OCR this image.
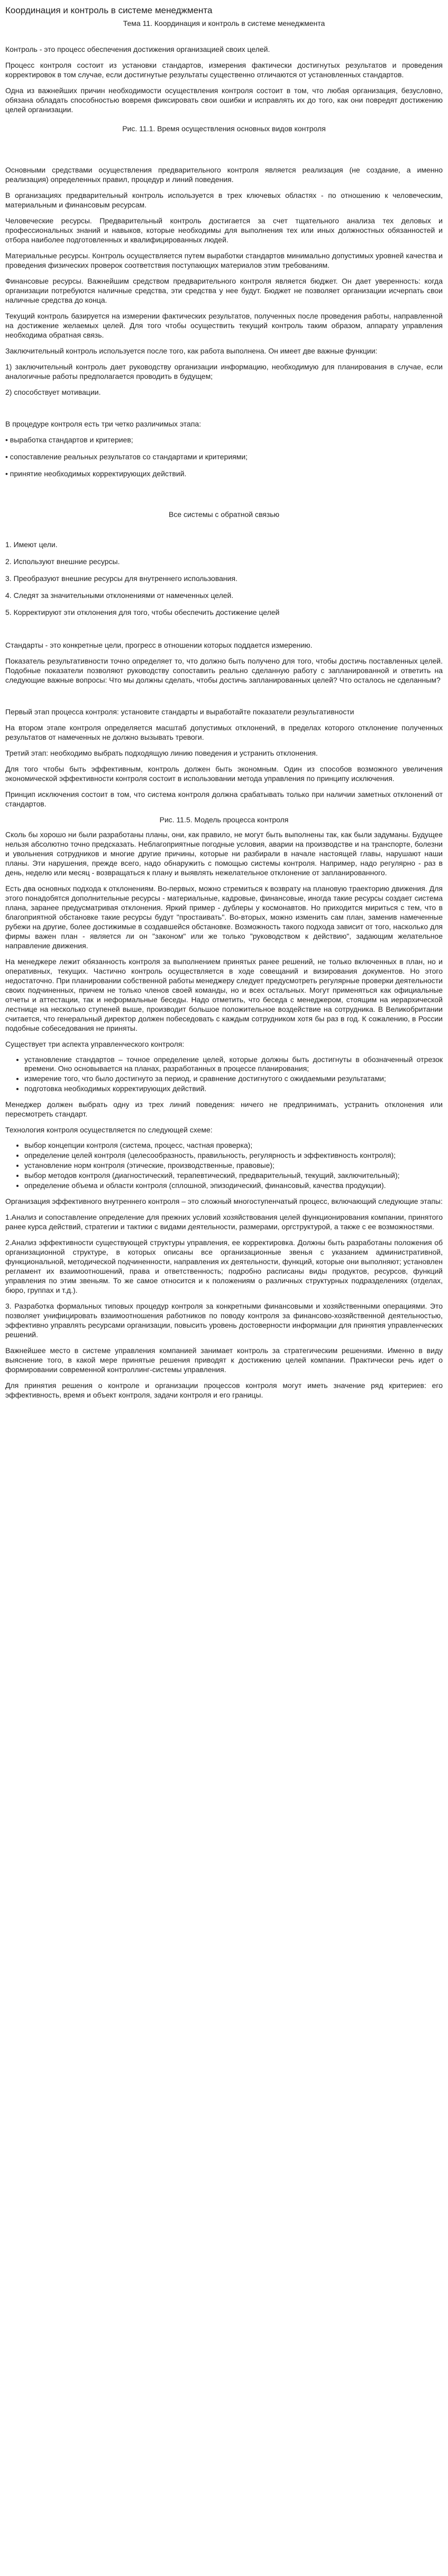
Координация и контроль в системе менеджмента
Тема 11. Координация и контроль в системе менеджмента

Контроль - это процесс обеспечения достижения организацией своих целей.

Процесс контроля состоит из установки стандартов, измерения фактически достигнутых результатов и проведения корректировок в том случае, если достигнутые результаты существенно отличаются от установленных стандартов.

Одна из важнейших причин необходимости осуществления контроля состоит в том, что любая организация, безусловно, обязана обладать способностью вовремя фиксировать свои ошибки и исправлять их до того, как они повредят достижению целей организации.

Рис. 11.1. Время осуществления основных видов контроля

Основными средствами осуществления предварительного контроля является реализация (не создание, а именно реализация) определенных правил, процедур и линий поведения.

В организациях предварительный контроль используется в трех ключевых областях - по отношению к человеческим, материальным и финансовым ресурсам.

Человеческие ресурсы. Предварительный контроль достигается за счет тщательного анализа тех деловых и профессиональных знаний и навыков, которые необходимы для выполнения тех или иных должностных обязанностей и отбора наиболее подготовленных и квалифицированных людей.

Материальные ресурсы. Контроль осуществляется путем выработки стандартов минимально допустимых уровней качества и проведения физических проверок соответствия поступающих материалов этим требованиям.

Финансовые ресурсы. Важнейшим средством предварительного контроля является бюджет. Он дает уверенность: когда организации потребуются наличные средства, эти средства у нее будут. Бюджет не позволяет организации исчерпать свои наличные средства до конца.

Текущий контроль базируется на измерении фактических результатов, полученных после проведения работы, направленной на достижение желаемых целей. Для того чтобы осуществить текущий контроль таким образом, аппарату управления необходима обратная связь.

Заключительный контроль используется после того, как работа выполнена. Он имеет две важные функции:

1) заключительный контроль дает руководству организации информацию, необходимую для планирования в случае, если аналогичные работы предполагается проводить в будущем;

2) способствует мотивации.

В процедуре контроля есть три четко различимых этапа:

• выработка стандартов и критериев;

• сопоставление реальных результатов со стандартами и критериями;

• принятие необходимых корректирующих действий.

Все системы с обратной связью

1. Имеют цели.

2. Используют внешние ресурсы.

3. Преобразуют внешние ресурсы для внутреннего использования.

4. Следят за значительными отклонениями от намеченных целей.

5. Корректируют эти отклонения для того, чтобы обеспечить достижение целей

Стандарты - это конкретные цели, прогресс в отношении которых поддается измерению.

Показатель результативности точно определяет то, что должно быть получено для того, чтобы достичь поставленных целей. Подобные показатели позволяют руководству сопоставить реально сделанную работу с запланированной и ответить на следующие важные вопросы: Что мы должны сделать, чтобы достичь запланированных целей? Что осталось не сделанным?

Первый этап процесса контроля: установите стандарты и выработайте показатели результативности

На втором этапе контроля определяется масштаб допустимых отклонений, в пределах которого отклонение полученных результатов от намеченных не должно вызывать тревоги.

Третий этап: необходимо выбрать подходящую линию поведения и устранить отклонения.

Для того чтобы быть эффективным, контроль должен быть экономным. Один из способов возможного увеличения экономической эффективности контроля состоит в использовании метода управления по принципу исключения.

Принцип исключения состоит в том, что система контроля должна срабатывать только при наличии заметных отклонений от стандартов.

Рис. 11.5. Модель процесса контроля

Сколь бы хорошо ни были разработаны планы, они, как правило, не могут быть выполнены так, как были задуманы. Будущее нельзя абсолютно точно предсказать. Неблагоприятные погодные условия, аварии на производстве и на транспорте, болезни и увольнения сотрудников и многие другие причины, которые ни разбирали в начале настоящей главы, нарушают наши планы. Эти нарушения, прежде всего, надо обнаружить с помощью системы контроля. Например, надо регулярно - раз в день, неделю или месяц - возвращаться к плану и выявлять нежелательное отклонение от запланированного.

Есть два основных подхода к отклонениям. Во-первых, можно стремиться к возврату на плановую траекторию движения. Для этого понадобятся дополнительные ресурсы - материальные, кадровые, финансовые, иногда такие ресурсы создает система плана, заранее предусматривая отклонения. Яркий пример - дублеры у космонавтов. Но приходится мириться с тем, что в благоприятной обстановке такие ресурсы будут "простаивать". Во-вторых, можно изменить сам план, заменив намеченные рубежи на другие, более достижимые в создавшейся обстановке. Возможность такого подхода зависит от того, насколько для фирмы важен план - является ли он "законом" или же только "руководством к действию", задающим желательное направление движения.

На менеджере лежит обязанность контроля за выполнением принятых ранее решений, не только включенных в план, но и оперативных, текущих. Частично контроль осуществляется в ходе совещаний и визирования документов. Но этого недостаточно. При планировании собственной работы менеджеру следует предусмотреть регулярные проверки деятельности своих подчиненных, причем не только членов своей команды, но и всех остальных. Могут применяться как официальные отчеты и аттестации, так и неформальные беседы. Надо отметить, что беседа с менеджером, стоящим на иерархической лестнице на несколько ступеней выше, производит большое положительное воздействие на сотрудника. В Великобритании считается, что генеральный директор должен побеседовать с каждым сотрудником хотя бы раз в год. К сожалению, в России подобные собеседования не приняты.

Существует три аспекта управленческого контроля:

• установление стандартов – точное определение целей, которые должны быть достигнуты в обозначенный отрезок времени. Оно основывается на планах, разработанных в процессе планирования;
• измерение того, что было достигнуто за период, и сравнение достигнутого с ожидаемыми результатами;
• подготовка необходимых корректирующих действий.

Менеджер должен выбрать одну из трех линий поведения: ничего не предпринимать, устранить отклонения или пересмотреть стандарт.

Технология контроля осуществляется по следующей схеме:

• выбор концепции контроля (система, процесс, частная проверка);
• определение целей контроля (целесообразность, правильность, регулярность и эффективность контроля);
• установление норм контроля (этические, производственные, правовые);
• выбор методов контроля (диагностический, терапевтический, предварительный, текущий, заключительный);
• определение объема и области контроля (сплошной, эпизодический, финансовый, качества продукции).

Организация эффективного внутреннего контроля – это сложный многоступенчатый процесс, включающий следующие этапы:

1.Анализ и сопоставление определение для прежних условий хозяйствования целей функционирования компании, принятого ранее курса действий, стратегии и тактики с видами деятельности, размерами, оргструктурой, а также с ее возможностями.

2.Анализ эффективности существующей структуры управления, ее корректировка. Должны быть разработаны положения об организационной структуре, в которых описаны все организационные звенья с указанием административной, функциональной, методической подчиненности, направления их деятельности, функций, которые они выполняют; установлен регламент их взаимоотношений, права и ответственность; подробно расписаны виды продуктов, ресурсов, функций управления по этим звеньям. То же самое относится и к положениям о различных структурных подразделениях (отделах, бюро, группах и т.д.).

3. Разработка формальных типовых процедур контроля за конкретными финансовыми и хозяйственными операциями. Это позволяет унифицировать взаимоотношения работников по поводу контроля за финансово-хозяйственной деятельностью, эффективно управлять ресурсами организации, повысить уровень достоверности информации для принятия управленческих решений.

Важнейшее место в системе управления компанией занимает контроль за стратегическим решениями. Именно в виду выяснение того, в какой мере принятые решения приводят к достижению целей компании. Практически речь идет о формировании современной контроллинг-системы управления.

Для принятия решения о контроле и организации процессов контроля могут иметь значение ряд критериев: его эффективность, время и объект контроля, задачи контроля и его границы.
